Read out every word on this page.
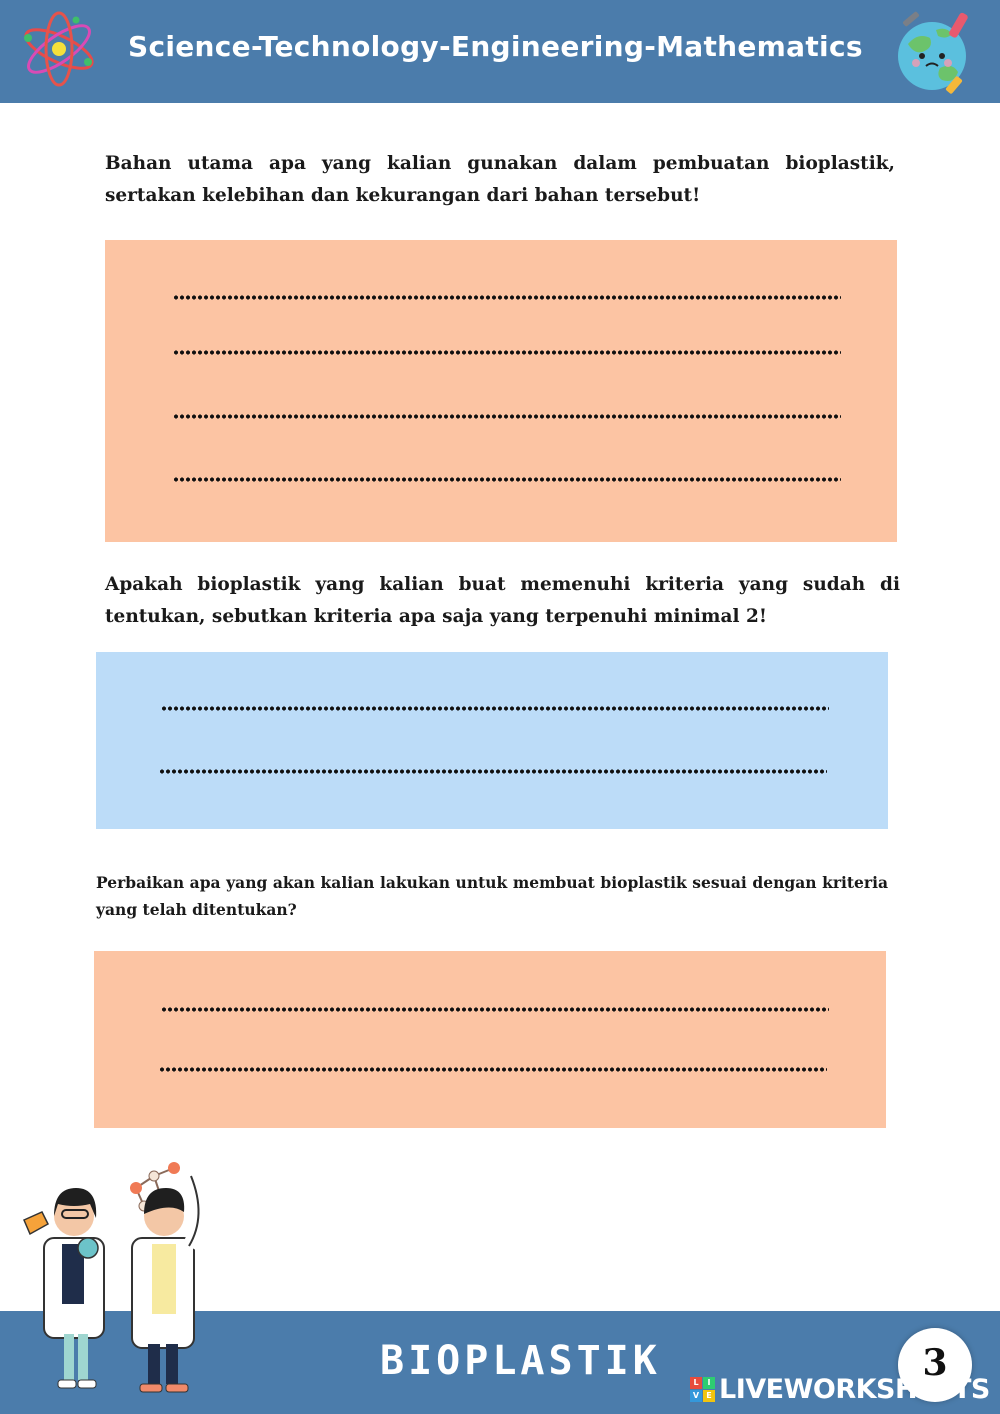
Science-Technology-Engineering-Mathematics

Bahan utama apa yang kalian gunakan dalam pembuatan bioplastik, sertakan kelebihan dan kekurangan dari bahan tersebut!

Apakah bioplastik yang kalian buat memenuhi kriteria yang sudah di tentukan, sebutkan kriteria apa saja yang terpenuhi minimal 2!

Perbaikan apa yang akan kalian lakukan untuk membuat bioplastik sesuai dengan kriteria yang telah ditentukan?

BIOPLASTIK	3
L	I
V E LIVEWORKSHEETS
